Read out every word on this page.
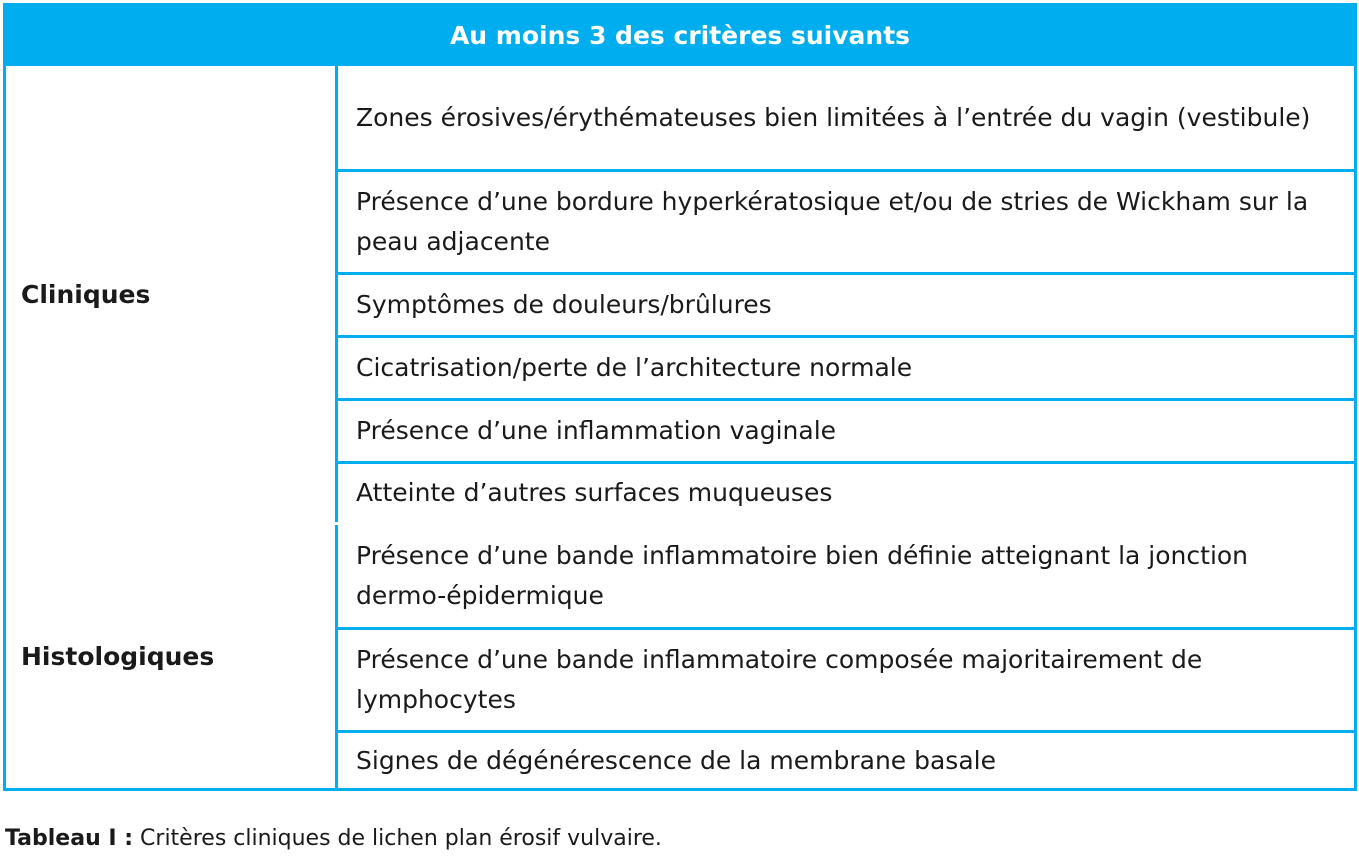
Au moins 3 des critères suivants
Cliniques
Zones érosives/érythémateuses bien limitées à l’entrée du vagin (vestibule)
Présence d’une bordure hyperkératosique et/ou de stries de Wickham sur la peau adjacente
Symptômes de douleurs/brûlures
Cicatrisation/perte de l’architecture normale
Présence d’une inflammation vaginale
Atteinte d’autres surfaces muqueuses
Histologiques
Présence d’une bande inflammatoire bien définie atteignant la jonction dermo-épidermique
Présence d’une bande inflammatoire composée majoritairement de lymphocytes
Signes de dégénérescence de la membrane basale
Tableau I : Critères cliniques de lichen plan érosif vulvaire.
